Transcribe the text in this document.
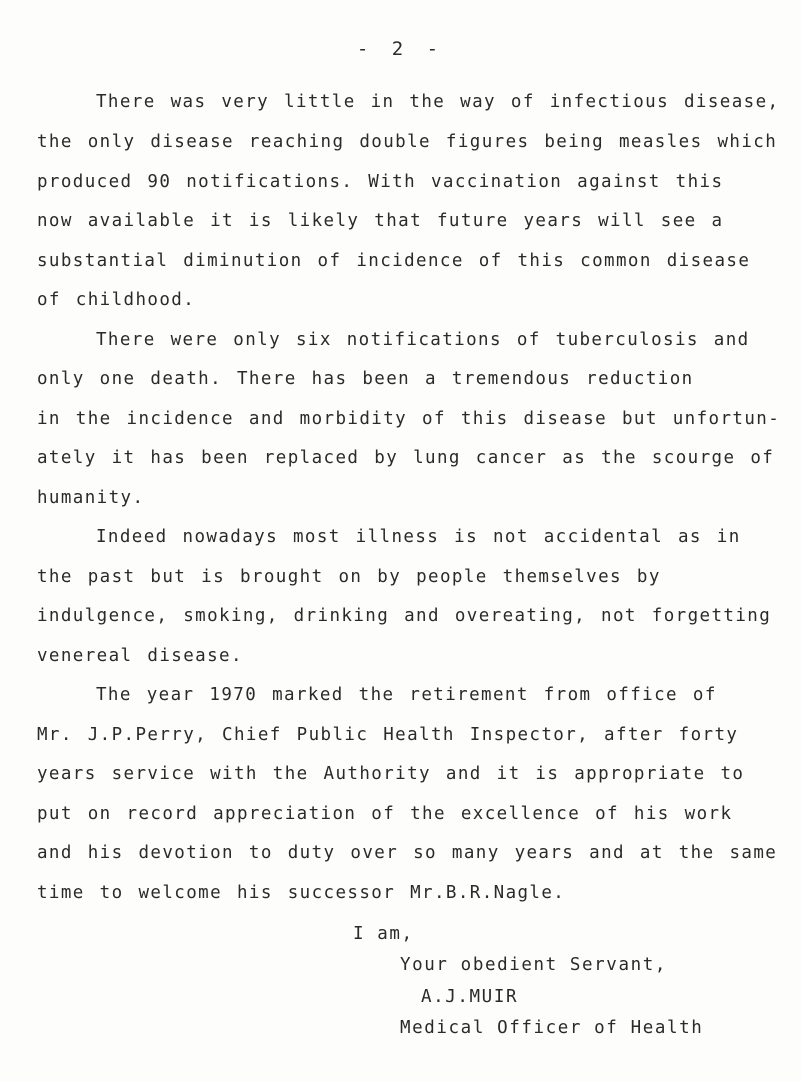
- 2 -
There was very little in the way of infectious disease,
the only disease reaching double figures being measles which
produced 90 notifications. With vaccination against this
now available it is likely that future years will see a
substantial diminution of incidence of this common disease
of childhood.
There were only six notifications of tuberculosis and
only one death. There has been a tremendous reduction
in the incidence and morbidity of this disease but unfortun-
ately it has been replaced by lung cancer as the scourge of
humanity.
Indeed nowadays most illness is not accidental as in
the past but is brought on by people themselves by
indulgence, smoking, drinking and overeating, not forgetting
venereal disease.
The year 1970 marked the retirement from office of
Mr. J.P.Perry, Chief Public Health Inspector, after forty
years service with the Authority and it is appropriate to
put on record appreciation of the excellence of his work
and his devotion to duty over so many years and at the same
time to welcome his successor Mr.B.R.Nagle.
I am,
Your obedient Servant,
A.J.MUIR
Medical Officer of Health
